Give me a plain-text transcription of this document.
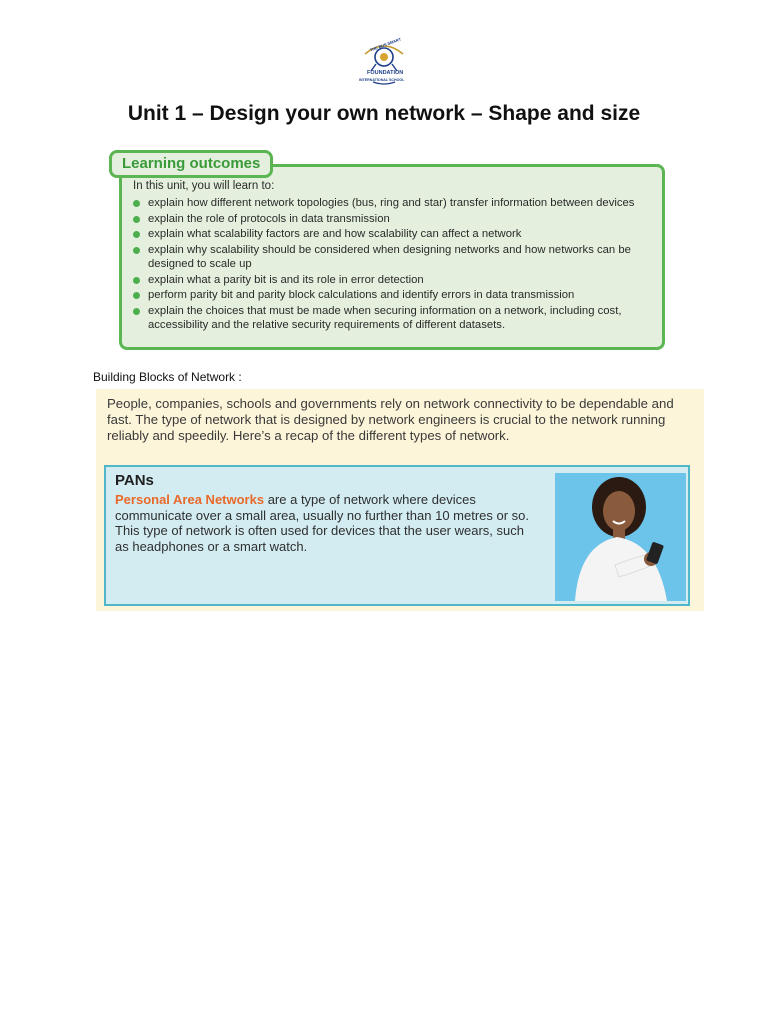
THE BUS SMART
FOUNDATION
INTERNATIONAL SCHOOL
Unit 1 – Design your own network – Shape and size
Learning outcomes
In this unit, you will learn to:
explain how different network topologies (bus, ring and star) transfer information between devices
explain the role of protocols in data transmission
explain what scalability factors are and how scalability can affect a network
explain why scalability should be considered when designing networks and how networks can be designed to scale up
explain what a parity bit is and its role in error detection
perform parity bit and parity block calculations and identify errors in data transmission
explain the choices that must be made when securing information on a network, including cost, accessibility and the relative security requirements of different datasets.
Building Blocks of Network :
People, companies, schools and governments rely on network connectivity to be dependable and fast. The type of network that is designed by network engineers is crucial to the network running reliably and speedily. Here’s a recap of the different types of network.
PANs
Personal Area Networks are a type of network where devices communicate over a small area, usually no further than 10 metres or so. This type of network is often used for devices that the user wears, such as headphones or a smart watch.
